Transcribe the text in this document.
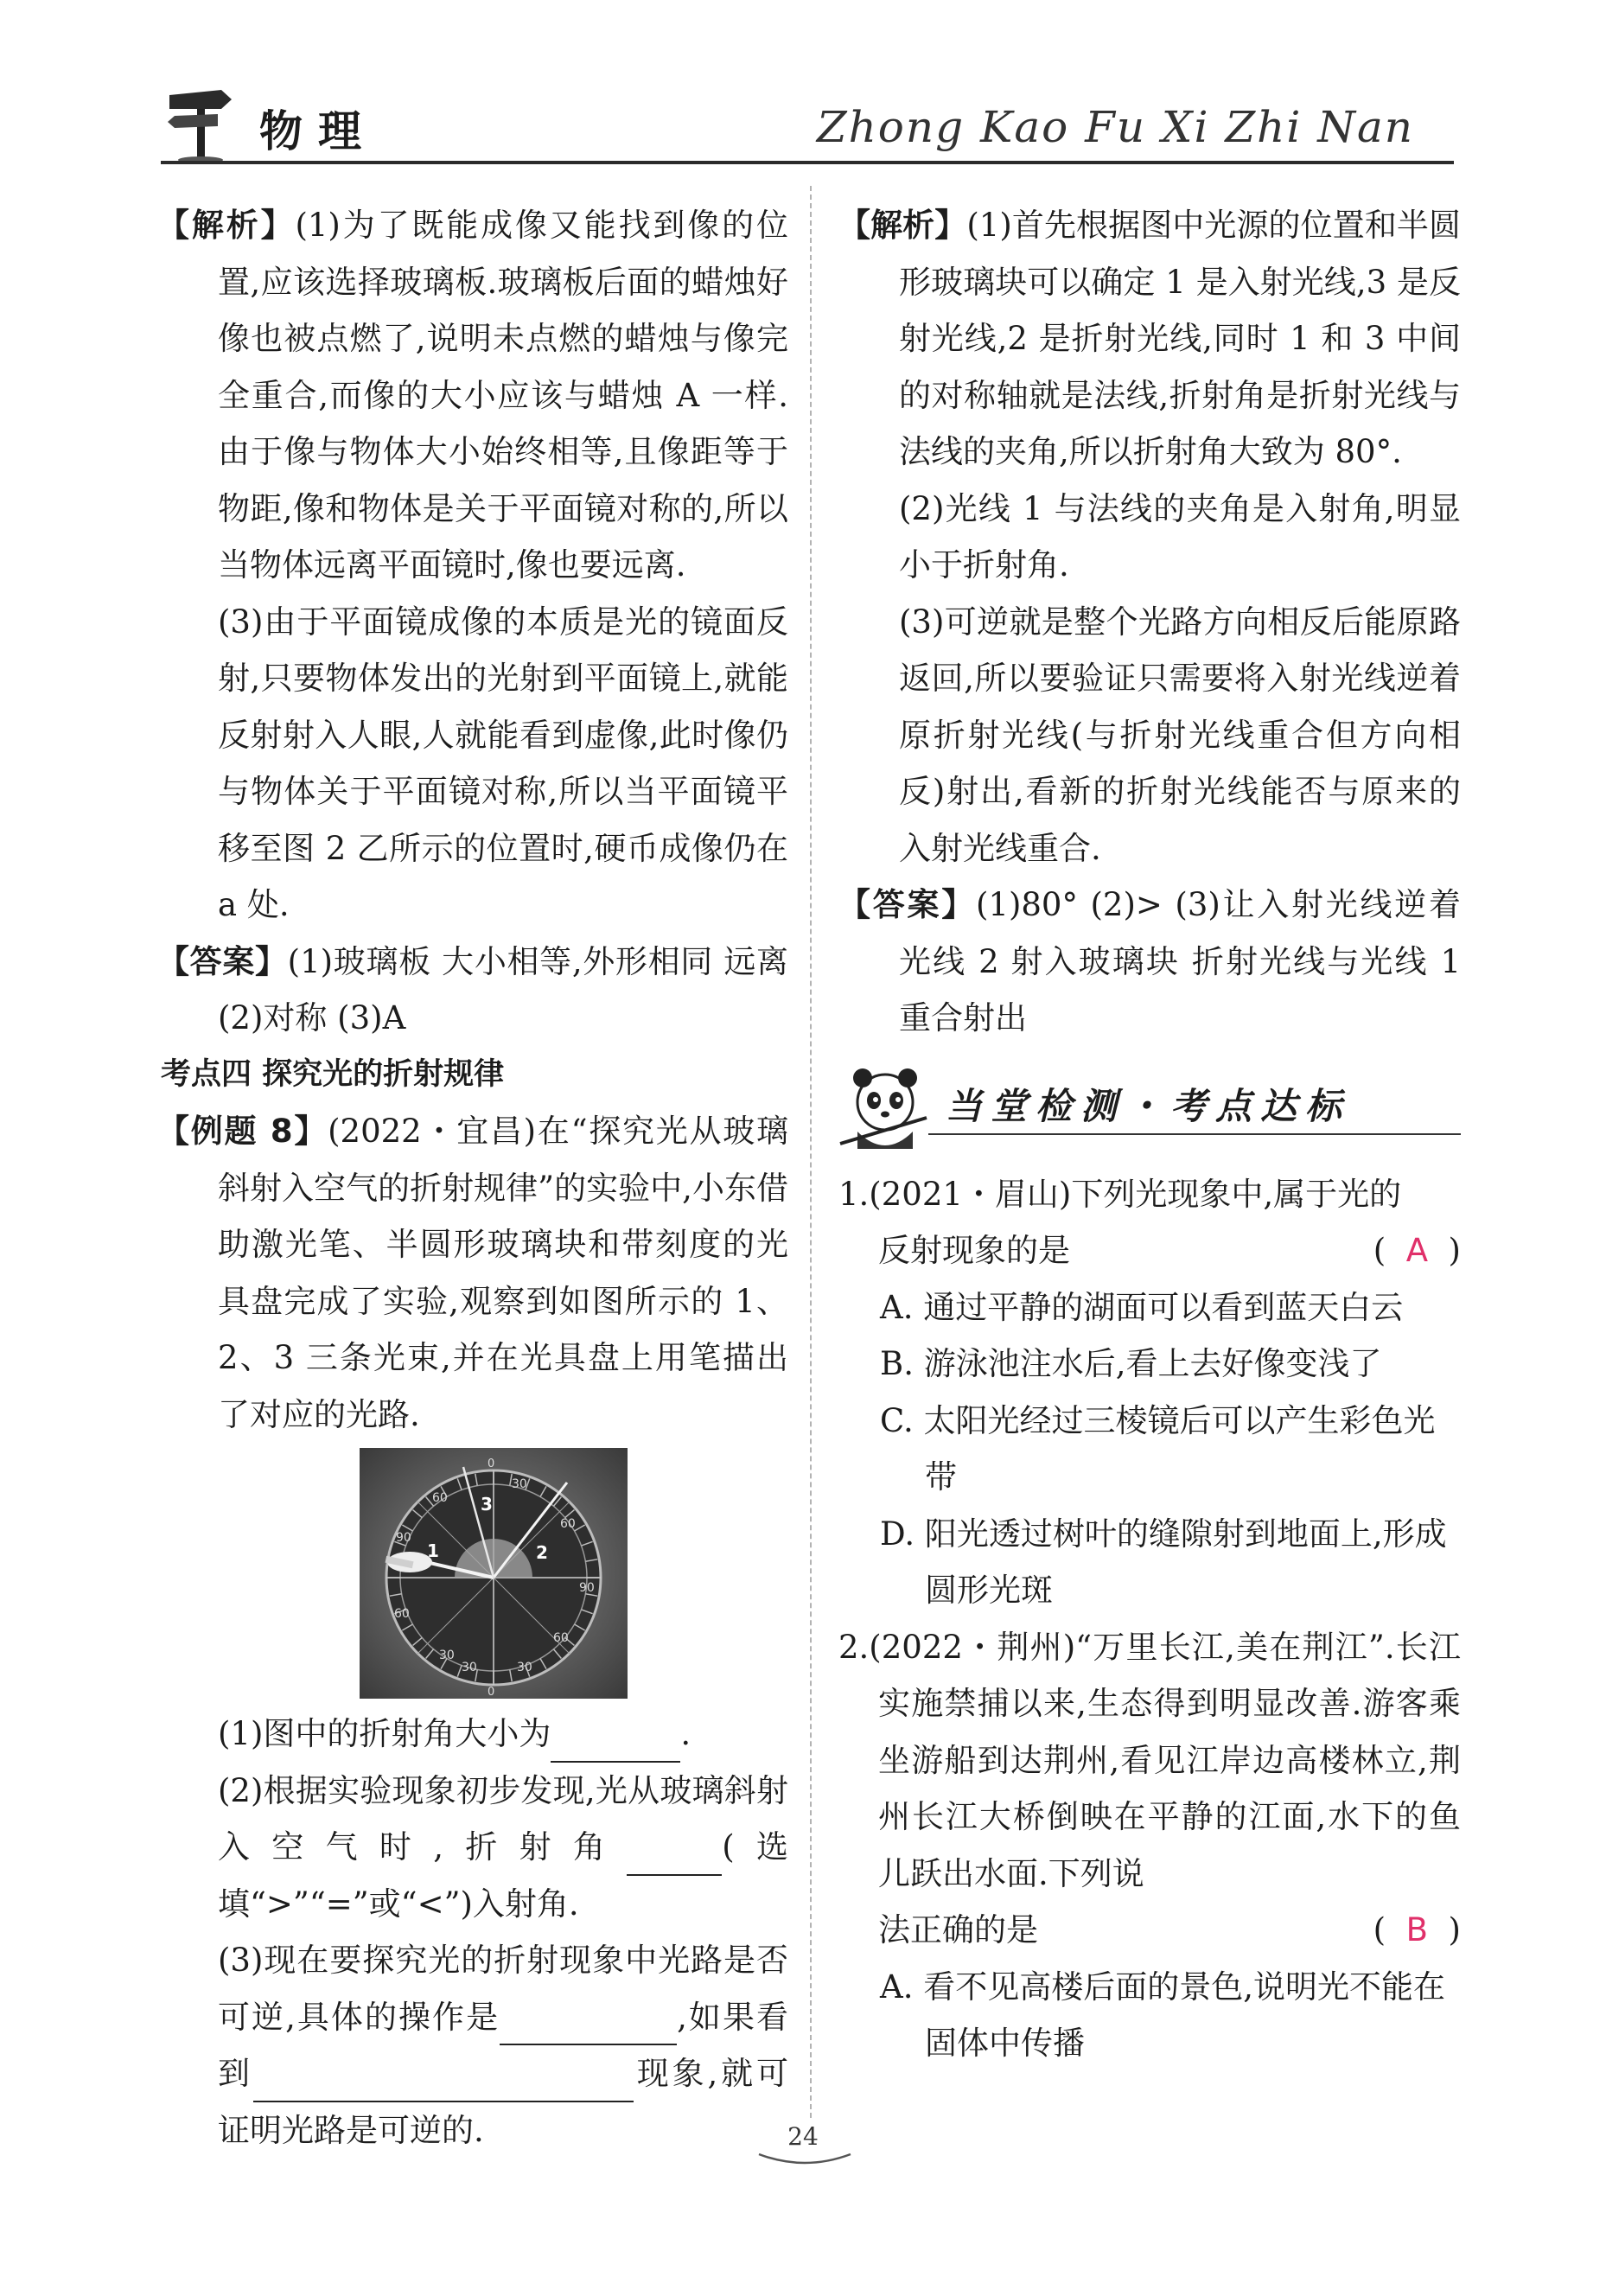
物理	Zhong Kao Fu Xi Zhi Nan

【解析】(1)为了既能成像又能找到像的位置,应该选择玻璃板.玻璃板后面的蜡烛好像也被点燃了,说明未点燃的蜡烛与像完全重合,而像的大小应该与蜡烛 A 一样.由于像与物体大小始终相等,且像距等于物距,像和物体是关于平面镜对称的,所以当物体远离平面镜时,像也要远离.

(3)由于平面镜成像的本质是光的镜面反射,只要物体发出的光射到平面镜上,就能反射射入人眼,人就能看到虚像,此时像仍与物体关于平面镜对称,所以当平面镜平移至图 2 乙所示的位置时,硬币成像仍在 a 处.

【答案】(1)玻璃板 大小相等,外形相同 远离 (2)对称 (3)A

考点四 探究光的折射规律

【例题 8】(2022・宜昌)在“探究光从玻璃斜射入空气的折射规律”的实验中,小东借助激光笔、半圆形玻璃块和带刻度的光具盘完成了实验,观察到如图所示的 1、2、3 三条光束,并在光具盘上用笔描出了对应的光路.

60
90
60
30
30
60
90
60
30
30
0
0
1	2
3

(1)图中的折射角大小为	.

(2)根据实验现象初步发现,光从玻璃斜射入空气时,折射角	(选填“>”“=”或“<”)入射角.

(3)现在要探究光的折射现象中光路是否可逆,具体的操作是	,如果看到	现象,就可证明光路是可逆的.

【解析】(1)首先根据图中光源的位置和半圆形玻璃块可以确定 1 是入射光线,3 是反射光线,2 是折射光线,同时 1 和 3 中间的对称轴就是法线,折射角是折射光线与法线的夹角,所以折射角大致为 80°.

(2)光线 1 与法线的夹角是入射角,明显小于折射角.

(3)可逆就是整个光路方向相反后能原路返回,所以要验证只需要将入射光线逆着原折射光线(与折射光线重合但方向相反)射出,看新的折射光线能否与原来的入射光线重合.

【答案】(1)80° (2)> (3)让入射光线逆着光线 2 射入玻璃块 折射光线与光线 1 重合射出

当堂检测・考点达标

1.(2021・眉山)下列光现象中,属于光的

反射现象的是	(  A  )

A. 通过平静的湖面可以看到蓝天白云

B. 游泳池注水后,看上去好像变浅了

C. 太阳光经过三棱镜后可以产生彩色光带

D. 阳光透过树叶的缝隙射到地面上,形成圆形光斑

2.(2022・荆州)“万里长江,美在荆江”.长江实施禁捕以来,生态得到明显改善.游客乘坐游船到达荆州,看见江岸边高楼林立,荆州长江大桥倒映在平静的江面,水下的鱼儿跃出水面.下列说

法正确的是	(  B  )

A. 看不见高楼后面的景色,说明光不能在固体中传播

24
